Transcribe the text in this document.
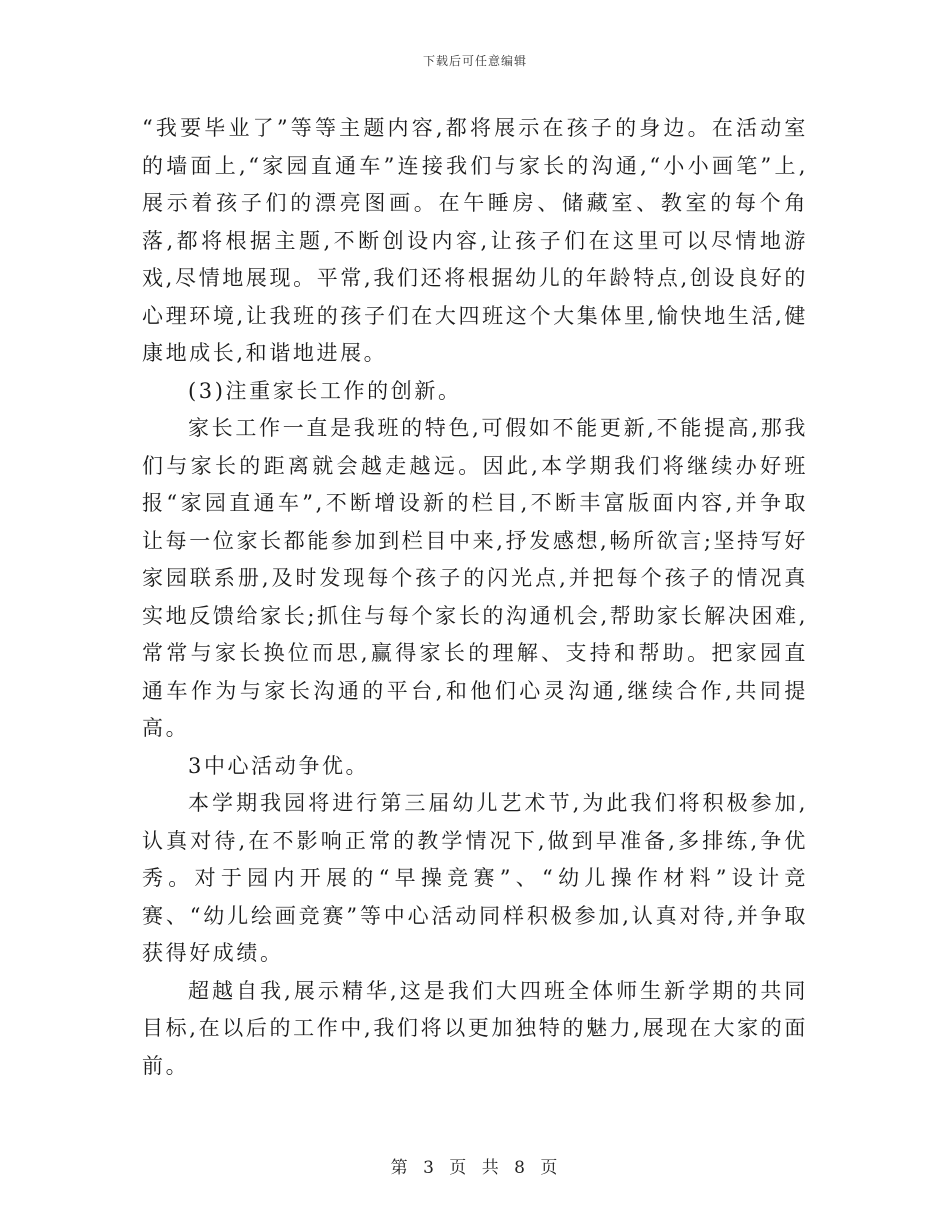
下载后可任意编辑

“我要毕业了”等等主题内容,都将展示在孩子的身边。在活动室的墙面上,“家园直通车”连接我们与家长的沟通,“小小画笔”上,展示着孩子们的漂亮图画。在午睡房、储藏室、教室的每个角落,都将根据主题,不断创设内容,让孩子们在这里可以尽情地游戏,尽情地展现。平常,我们还将根据幼儿的年龄特点,创设良好的心理环境,让我班的孩子们在大四班这个大集体里,愉快地生活,健康地成长,和谐地进展。

(3)注重家长工作的创新。

家长工作一直是我班的特色,可假如不能更新,不能提高,那我们与家长的距离就会越走越远。因此,本学期我们将继续办好班报“家园直通车”,不断增设新的栏目,不断丰富版面内容,并争取让每一位家长都能参加到栏目中来,抒发感想,畅所欲言;坚持写好家园联系册,及时发现每个孩子的闪光点,并把每个孩子的情况真实地反馈给家长;抓住与每个家长的沟通机会,帮助家长解决困难,常常与家长换位而思,赢得家长的理解、支持和帮助。把家园直通车作为与家长沟通的平台,和他们心灵沟通,继续合作,共同提高。

3中心活动争优。

本学期我园将进行第三届幼儿艺术节,为此我们将积极参加,认真对待,在不影响正常的教学情况下,做到早准备,多排练,争优秀。对于园内开展的“早操竞赛”、“幼儿操作材料”设计竞赛、“幼儿绘画竞赛”等中心活动同样积极参加,认真对待,并争取获得好成绩。

超越自我,展示精华,这是我们大四班全体师生新学期的共同目标,在以后的工作中,我们将以更加独特的魅力,展现在大家的面前。

第 3 页 共 8 页
